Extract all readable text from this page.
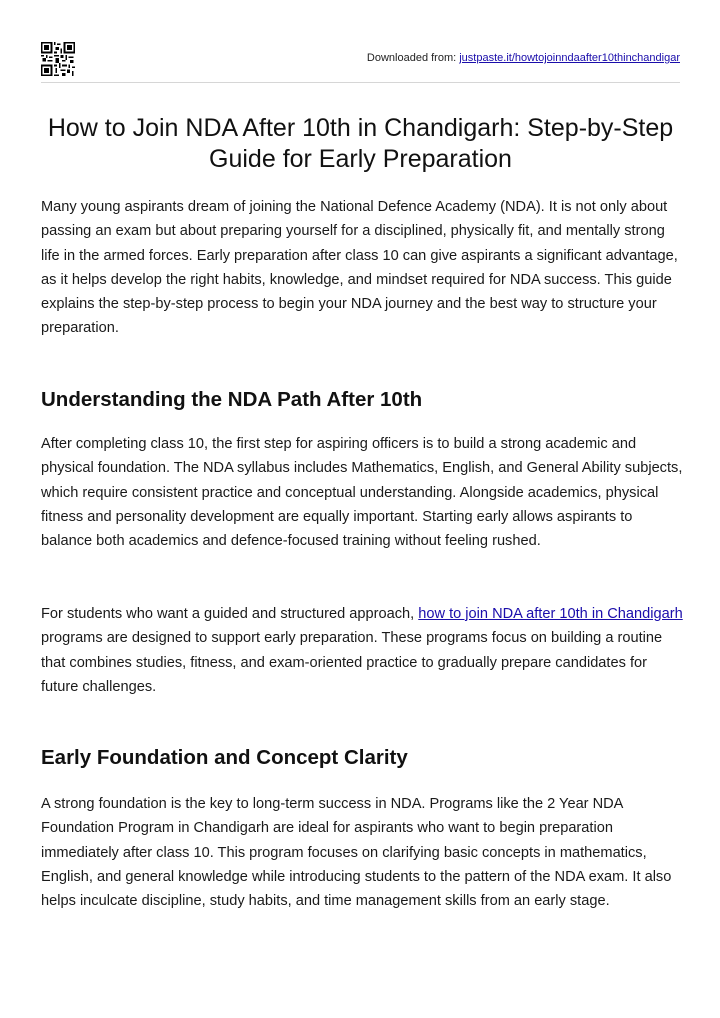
Downloaded from: justpaste.it/howtojoinndaafter10thinchandigar
How to Join NDA After 10th in Chandigarh: Step-by-Step Guide for Early Preparation

Many young aspirants dream of joining the National Defence Academy (NDA). It is not only about passing an exam but about preparing yourself for a disciplined, physically fit, and mentally strong life in the armed forces. Early preparation after class 10 can give aspirants a significant advantage, as it helps develop the right habits, knowledge, and mindset required for NDA success. This guide explains the step-by-step process to begin your NDA journey and the best way to structure your preparation.

Understanding the NDA Path After 10th

After completing class 10, the first step for aspiring officers is to build a strong academic and physical foundation. The NDA syllabus includes Mathematics, English, and General Ability subjects, which require consistent practice and conceptual understanding. Alongside academics, physical fitness and personality development are equally important. Starting early allows aspirants to balance both academics and defence-focused training without feeling rushed.

For students who want a guided and structured approach, how to join NDA after 10th in Chandigarh programs are designed to support early preparation. These programs focus on building a routine that combines studies, fitness, and exam-oriented practice to gradually prepare candidates for future challenges.

Early Foundation and Concept Clarity

A strong foundation is the key to long-term success in NDA. Programs like the 2 Year NDA Foundation Program in Chandigarh are ideal for aspirants who want to begin preparation immediately after class 10. This program focuses on clarifying basic concepts in mathematics, English, and general knowledge while introducing students to the pattern of the NDA exam. It also helps inculcate discipline, study habits, and time management skills from an early stage.
